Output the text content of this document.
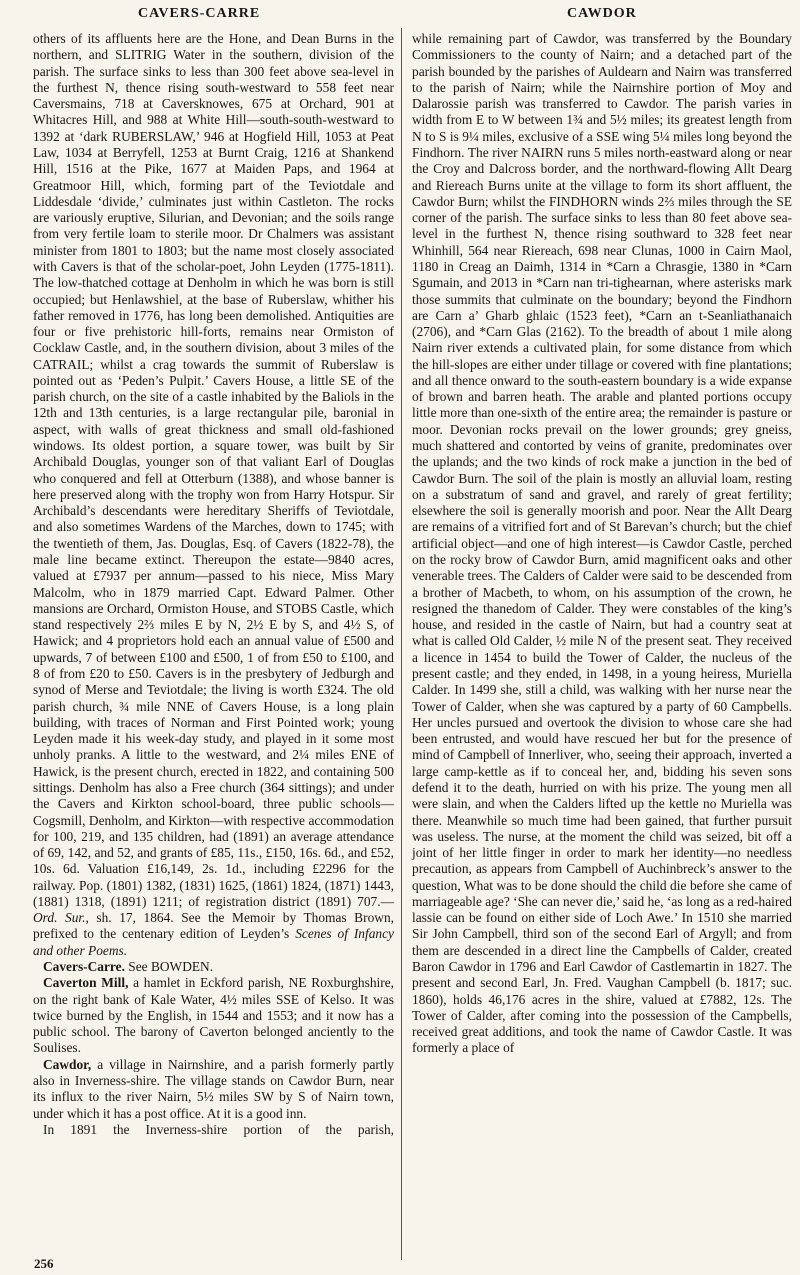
CAVERS-CARRE	CAWDOR

others of its affluents here are the Hone, and Dean Burns in the northern, and SLITRIG Water in the southern, division of the parish. The surface sinks to less than 300 feet above sea-level in the furthest N, thence rising south-westward to 558 feet near Caversmains, 718 at Caversknowes, 675 at Orchard, 901 at Whitacres Hill, and 988 at White Hill—south-south-westward to 1392 at ‘dark RUBERSLAW,’ 946 at Hogfield Hill, 1053 at Peat Law, 1034 at Berryfell, 1253 at Burnt Craig, 1216 at Shankend Hill, 1516 at the Pike, 1677 at Maiden Paps, and 1964 at Greatmoor Hill, which, forming part of the Teviotdale and Liddesdale ‘divide,’ culminates just within Castleton. The rocks are variously eruptive, Silurian, and Devonian; and the soils range from very fertile loam to sterile moor. Dr Chalmers was assistant minister from 1801 to 1803; but the name most closely associated with Cavers is that of the scholar-poet, John Leyden (1775-1811). The low-thatched cottage at Denholm in which he was born is still occupied; but Henlawshiel, at the base of Ruberslaw, whither his father removed in 1776, has long been demolished. Antiquities are four or five prehistoric hill-forts, remains near Ormiston of Cocklaw Castle, and, in the southern division, about 3 miles of the CATRAIL; whilst a crag towards the summit of Ruberslaw is pointed out as ‘Peden’s Pulpit.’ Cavers House, a little SE of the parish church, on the site of a castle inhabited by the Baliols in the 12th and 13th centuries, is a large rectangular pile, baronial in aspect, with walls of great thickness and small old-fashioned windows. Its oldest portion, a square tower, was built by Sir Archibald Douglas, younger son of that valiant Earl of Douglas who conquered and fell at Otterburn (1388), and whose banner is here preserved along with the trophy won from Harry Hotspur. Sir Archibald’s descendants were hereditary Sheriffs of Teviotdale, and also sometimes Wardens of the Marches, down to 1745; with the twentieth of them, Jas. Douglas, Esq. of Cavers (1822-78), the male line became extinct. Thereupon the estate—9840 acres, valued at £7937 per annum—passed to his niece, Miss Mary Malcolm, who in 1879 married Capt. Edward Palmer. Other mansions are Orchard, Ormiston House, and STOBS Castle, which stand respectively 2⅔ miles E by N, 2½ E by S, and 4½ S, of Hawick; and 4 proprietors hold each an annual value of £500 and upwards, 7 of between £100 and £500, 1 of from £50 to £100, and 8 of from £20 to £50. Cavers is in the presbytery of Jedburgh and synod of Merse and Teviotdale; the living is worth £324. The old parish church, ¾ mile NNE of Cavers House, is a long plain building, with traces of Norman and First Pointed work; young Leyden made it his week-day study, and played in it some most unholy pranks. A little to the westward, and 2¼ miles ENE of Hawick, is the present church, erected in 1822, and containing 500 sittings. Denholm has also a Free church (364 sittings); and under the Cavers and Kirkton school-board, three public schools—Cogsmill, Denholm, and Kirkton—with respective accommodation for 100, 219, and 135 children, had (1891) an average attendance of 69, 142, and 52, and grants of £85, 11s., £150, 16s. 6d., and £52, 10s. 6d. Valuation £16,149, 2s. 1d., including £2296 for the railway. Pop. (1801) 1382, (1831) 1625, (1861) 1824, (1871) 1443, (1881) 1318, (1891) 1211; of registration district (1891) 707.—Ord. Sur., sh. 17, 1864. See the Memoir by Thomas Brown, prefixed to the centenary edition of Leyden’s Scenes of Infancy and other Poems.

Cavers-Carre. See BOWDEN.

Caverton Mill, a hamlet in Eckford parish, NE Roxburghshire, on the right bank of Kale Water, 4½ miles SSE of Kelso. It was twice burned by the English, in 1544 and 1553; and it now has a public school. The barony of Caverton belonged anciently to the Soulises.

Cawdor, a village in Nairnshire, and a parish formerly partly also in Inverness-shire. The village stands on Cawdor Burn, near its influx to the river Nairn, 5½ miles SW by S of Nairn town, under which it has a post office. At it is a good inn.

In 1891 the Inverness-shire portion of the parish,

while remaining part of Cawdor, was transferred by the Boundary Commissioners to the county of Nairn; and a detached part of the parish bounded by the parishes of Auldearn and Nairn was transferred to the parish of Nairn; while the Nairnshire portion of Moy and Dalarossie parish was transferred to Cawdor. The parish varies in width from E to W between 1¾ and 5½ miles; its greatest length from N to S is 9¼ miles, exclusive of a SSE wing 5¼ miles long beyond the Findhorn. The river NAIRN runs 5 miles north-eastward along or near the Croy and Dalcross border, and the northward-flowing Allt Dearg and Riereach Burns unite at the village to form its short affluent, the Cawdor Burn; whilst the FINDHORN winds 2⅔ miles through the SE corner of the parish. The surface sinks to less than 80 feet above sea-level in the furthest N, thence rising southward to 328 feet near Whinhill, 564 near Riereach, 698 near Clunas, 1000 in Cairn Maol, 1180 in Creag an Daimh, 1314 in *Carn a Chrasgie, 1380 in *Carn Sgumain, and 2013 in *Carn nan tri-tighearnan, where asterisks mark those summits that culminate on the boundary; beyond the Findhorn are Carn a’ Gharb ghlaic (1523 feet), *Carn an t-Seanliathanaich (2706), and *Carn Glas (2162). To the breadth of about 1 mile along Nairn river extends a cultivated plain, for some distance from which the hill-slopes are either under tillage or covered with fine plantations; and all thence onward to the south-eastern boundary is a wide expanse of brown and barren heath. The arable and planted portions occupy little more than one-sixth of the entire area; the remainder is pasture or moor. Devonian rocks prevail on the lower grounds; grey gneiss, much shattered and contorted by veins of granite, predominates over the uplands; and the two kinds of rock make a junction in the bed of Cawdor Burn. The soil of the plain is mostly an alluvial loam, resting on a substratum of sand and gravel, and rarely of great fertility; elsewhere the soil is generally moorish and poor. Near the Allt Dearg are remains of a vitrified fort and of St Barevan’s church; but the chief artificial object—and one of high interest—is Cawdor Castle, perched on the rocky brow of Cawdor Burn, amid magnificent oaks and other venerable trees. The Calders of Calder were said to be descended from a brother of Macbeth, to whom, on his assumption of the crown, he resigned the thanedom of Calder. They were constables of the king’s house, and resided in the castle of Nairn, but had a country seat at what is called Old Calder, ½ mile N of the present seat. They received a licence in 1454 to build the Tower of Calder, the nucleus of the present castle; and they ended, in 1498, in a young heiress, Muriella Calder. In 1499 she, still a child, was walking with her nurse near the Tower of Calder, when she was captured by a party of 60 Campbells. Her uncles pursued and overtook the division to whose care she had been entrusted, and would have rescued her but for the presence of mind of Campbell of Innerliver, who, seeing their approach, inverted a large camp-kettle as if to conceal her, and, bidding his seven sons defend it to the death, hurried on with his prize. The young men all were slain, and when the Calders lifted up the kettle no Muriella was there. Meanwhile so much time had been gained, that further pursuit was useless. The nurse, at the moment the child was seized, bit off a joint of her little finger in order to mark her identity—no needless precaution, as appears from Campbell of Auchinbreck’s answer to the question, What was to be done should the child die before she came of marriageable age? ‘She can never die,’ said he, ‘as long as a red-haired lassie can be found on either side of Loch Awe.’ In 1510 she married Sir John Campbell, third son of the second Earl of Argyll; and from them are descended in a direct line the Campbells of Calder, created Baron Cawdor in 1796 and Earl Cawdor of Castlemartin in 1827. The present and second Earl, Jn. Fred. Vaughan Campbell (b. 1817; suc. 1860), holds 46,176 acres in the shire, valued at £7882, 12s. The Tower of Calder, after coming into the possession of the Campbells, received great additions, and took the name of Cawdor Castle. It was formerly a place of

256
